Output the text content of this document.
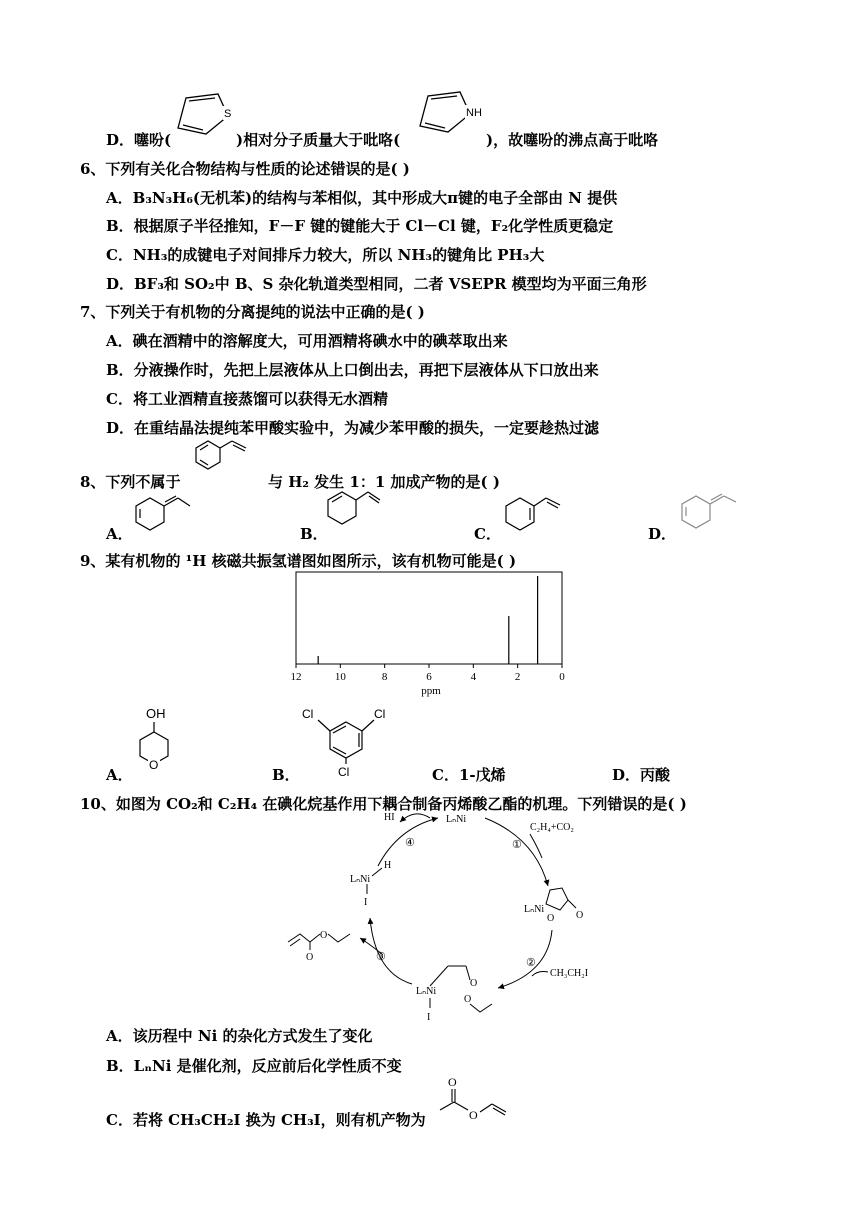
D．噻吩(
S
)相对分子质量大于吡咯(
NH
)，故噻吩的沸点高于吡咯
6、下列有关化合物结构与性质的论述错误的是( )
A．B₃N₃H₆(无机苯)的结构与苯相似，其中形成大π键的电子全部由 N 提供
B．根据原子半径推知，F－F 键的键能大于 Cl－Cl 键，F₂化学性质更稳定
C．NH₃的成键电子对间排斥力较大，所以 NH₃的键角比 PH₃大
D．BF₃和 SO₂中 B、S 杂化轨道类型相同，二者 VSEPR 模型均为平面三角形
7、下列关于有机物的分离提纯的说法中正确的是( )
A．碘在酒精中的溶解度大，可用酒精将碘水中的碘萃取出来
B．分液操作时，先把上层液体从上口倒出去，再把下层液体从下口放出来
C．将工业酒精直接蒸馏可以获得无水酒精
D．在重结晶法提纯苯甲酸实验中，为减少苯甲酸的损失，一定要趁热过滤
8、下列不属于	与 H₂ 发生 1：1 加成产物的是( )
A．	B．	C．	D．
9、某有机物的 ¹H 核磁共振氢谱图如图所示，该有机物可能是( )
12	10	8	6	4	2	0
ppm
A．
OH
O
B．
Cl	Cl
Cl	C．1-戊烯	D．丙酸
10、如图为 CO₂和 C₂H₄ 在碘化烷基作用下耦合制备丙烯酸乙酯的机理。下列错误的是( )
LₙNi
HI
④
LₙNi
H
I
C₂H₄+CO₂
①
LₙNi
O O
②
CH₃CH₂I
LₙNi
O
O
I
③
O
O
A．该历程中 Ni 的杂化方式发生了变化
B．LₙNi 是催化剂，反应前后化学性质不变
C．若将 CH₃CH₂I 换为 CH₃I，则有机产物为
O
O
